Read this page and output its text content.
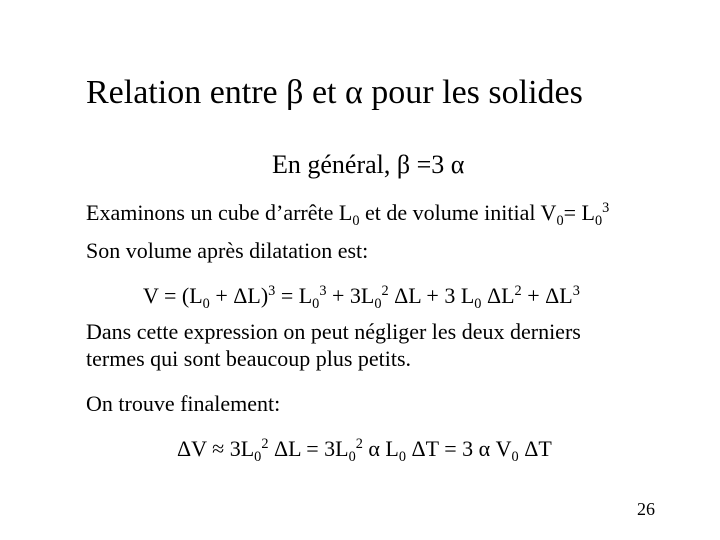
Relation entre β et α pour les solides
En général, β =3 α
Examinons un cube d’arrête $L_0$ et de volume initial $V_0= L_0^3$
Son volume après dilatation est:
$V = (L_0 + \Delta L)^3 = L_0^3 + 3L_0^2$ ΔL + 3 $L_0$ $\Delta L^2 + \Delta L^3$
Dans cette expression on peut négliger les deux derniers
termes qui sont beaucoup plus petits.
On trouve finalement:
$\Delta V \approx 3L_0^2$ $\Delta L = 3L_0^2$ α $L_0$ ΔT = 3 α $V_0$ ΔT
26
